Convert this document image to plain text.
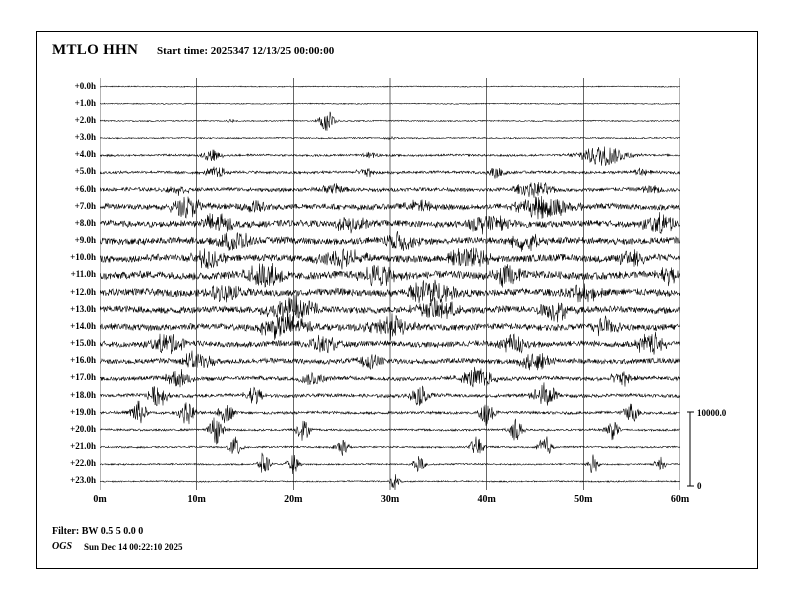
MTLO HHN Start time: 2025347 12/13/25 00:00:00
+0.0h
+1.0h
+2.0h
+3.0h
+4.0h
+5.0h
+6.0h
+7.0h
+8.0h
+9.0h
+10.0h
+11.0h
+12.0h
+13.0h
+14.0h
+15.0h
+16.0h
+17.0h
+18.0h
+19.0h
+20.0h
+21.0h
+22.0h
+23.0h
0m	10m	20m	30m	40m	50m	60m
10000.0
0
Filter: BW 0.5 5 0.0 0
OGS Sun Dec 14 00:22:10 2025
